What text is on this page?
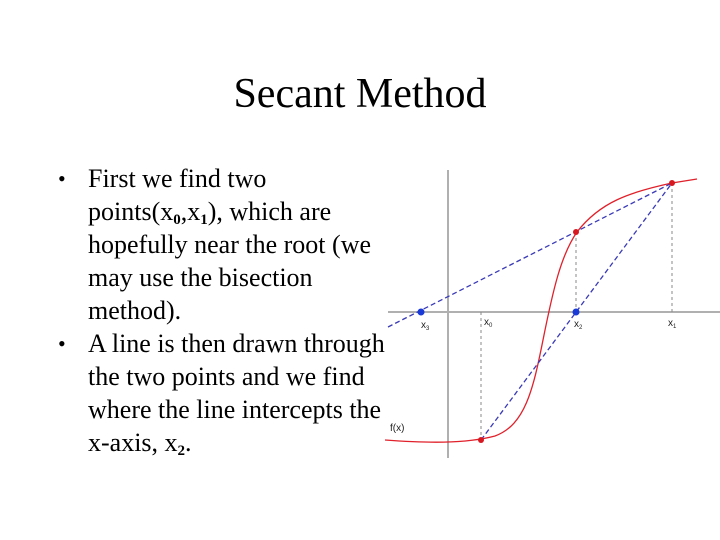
Secant Method
• First we find two $points(x_0,x_1)$, which are hopefully near the root (we may use the bisection method).
• A line is then drawn through the two points and we find where the line intercepts the x-axis, $x_2$.
$x_3$
$x_0$	$x_2$	$x_1$
f(x)
